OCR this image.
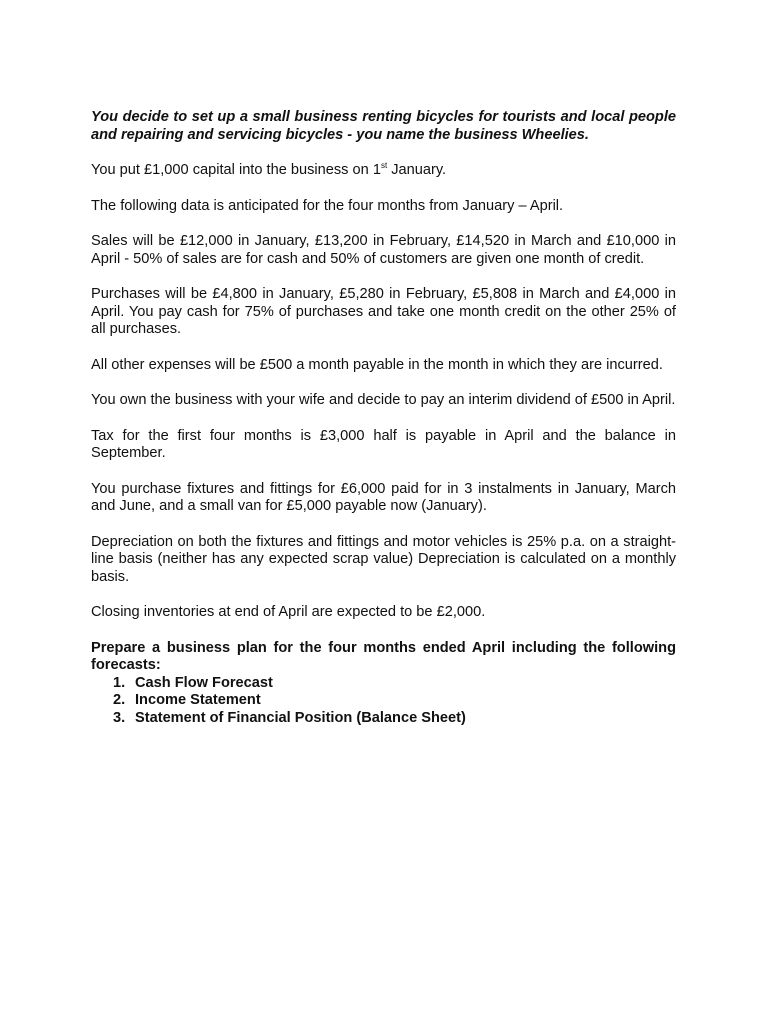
You decide to set up a small business renting bicycles for tourists and local people and repairing and servicing bicycles - you name the business Wheelies.

You put £1,000 capital into the business on 1st January.

The following data is anticipated for the four months from January – April.

Sales will be £12,000 in January, £13,200 in February, £14,520 in March and £10,000 in April - 50% of sales are for cash and 50% of customers are given one month of credit.

Purchases will be £4,800 in January, £5,280 in February, £5,808 in March and £4,000 in April. You pay cash for 75% of purchases and take one month credit on the other 25% of all purchases.

All other expenses will be £500 a month payable in the month in which they are incurred.

You own the business with your wife and decide to pay an interim dividend of £500 in April.

Tax for the first four months is £3,000 half is payable in April and the balance in September.

You purchase fixtures and fittings for £6,000 paid for in 3 instalments in January, March and June, and a small van for £5,000 payable now (January).

Depreciation on both the fixtures and fittings and motor vehicles is 25% p.a. on a straight-line basis (neither has any expected scrap value) Depreciation is calculated on a monthly basis.

Closing inventories at end of April are expected to be £2,000.

Prepare a business plan for the four months ended April including the following forecasts:

1. Cash Flow Forecast
2. Income Statement
3. Statement of Financial Position (Balance Sheet)
